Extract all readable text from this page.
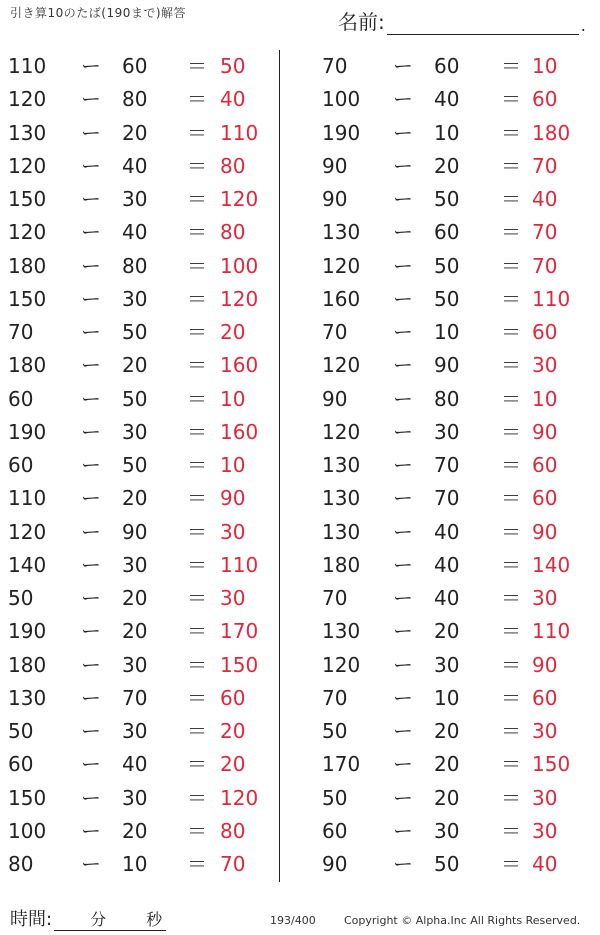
引き算10のたば(190まで)解答	名前:	.
110	ー 60	＝ 50
120	ー 80	＝ 40
130	ー 20	＝ 110
120	ー 40	＝ 80
150	ー 30	＝ 120
120	ー 40	＝ 80
180	ー 80	＝ 100
150	ー 30	＝ 120
70	ー 50	＝ 20
180	ー 20	＝ 160
60	ー 50	＝ 10
190	ー 30	＝ 160
60	ー 50	＝ 10
110	ー 20	＝ 90
120	ー 90	＝ 30
140	ー 30	＝ 110
50	ー 20	＝ 30
190	ー 20	＝ 170
180	ー 30	＝ 150
130	ー 70	＝ 60
50	ー 30	＝ 20
60	ー 40	＝ 20
150	ー 30	＝ 120
100	ー 20	＝ 80
80	ー 10	＝ 70
70	ー 60	＝ 10
100	ー 40	＝ 60
190	ー 10	＝ 180
90	ー 20	＝ 70
90	ー 50	＝ 40
130	ー 60	＝ 70
120	ー 50	＝ 70
160	ー 50	＝ 110
70	ー 10	＝ 60
120	ー 90	＝ 30
90	ー 80	＝ 10
120	ー 30	＝ 90
130	ー 70	＝ 60
130	ー 70	＝ 60
130	ー 40	＝ 90
180	ー 40	＝ 140
70	ー 40	＝ 30
130	ー 20	＝ 110
120	ー 30	＝ 90
70	ー 10	＝ 60
50	ー 20	＝ 30
170	ー 20	＝ 150
50	ー 20	＝ 30
60	ー 30	＝ 30
90	ー 50	＝ 40
時間: 分 秒	193/400	Copyright © Alpha.Inc All Rights Reserved.
